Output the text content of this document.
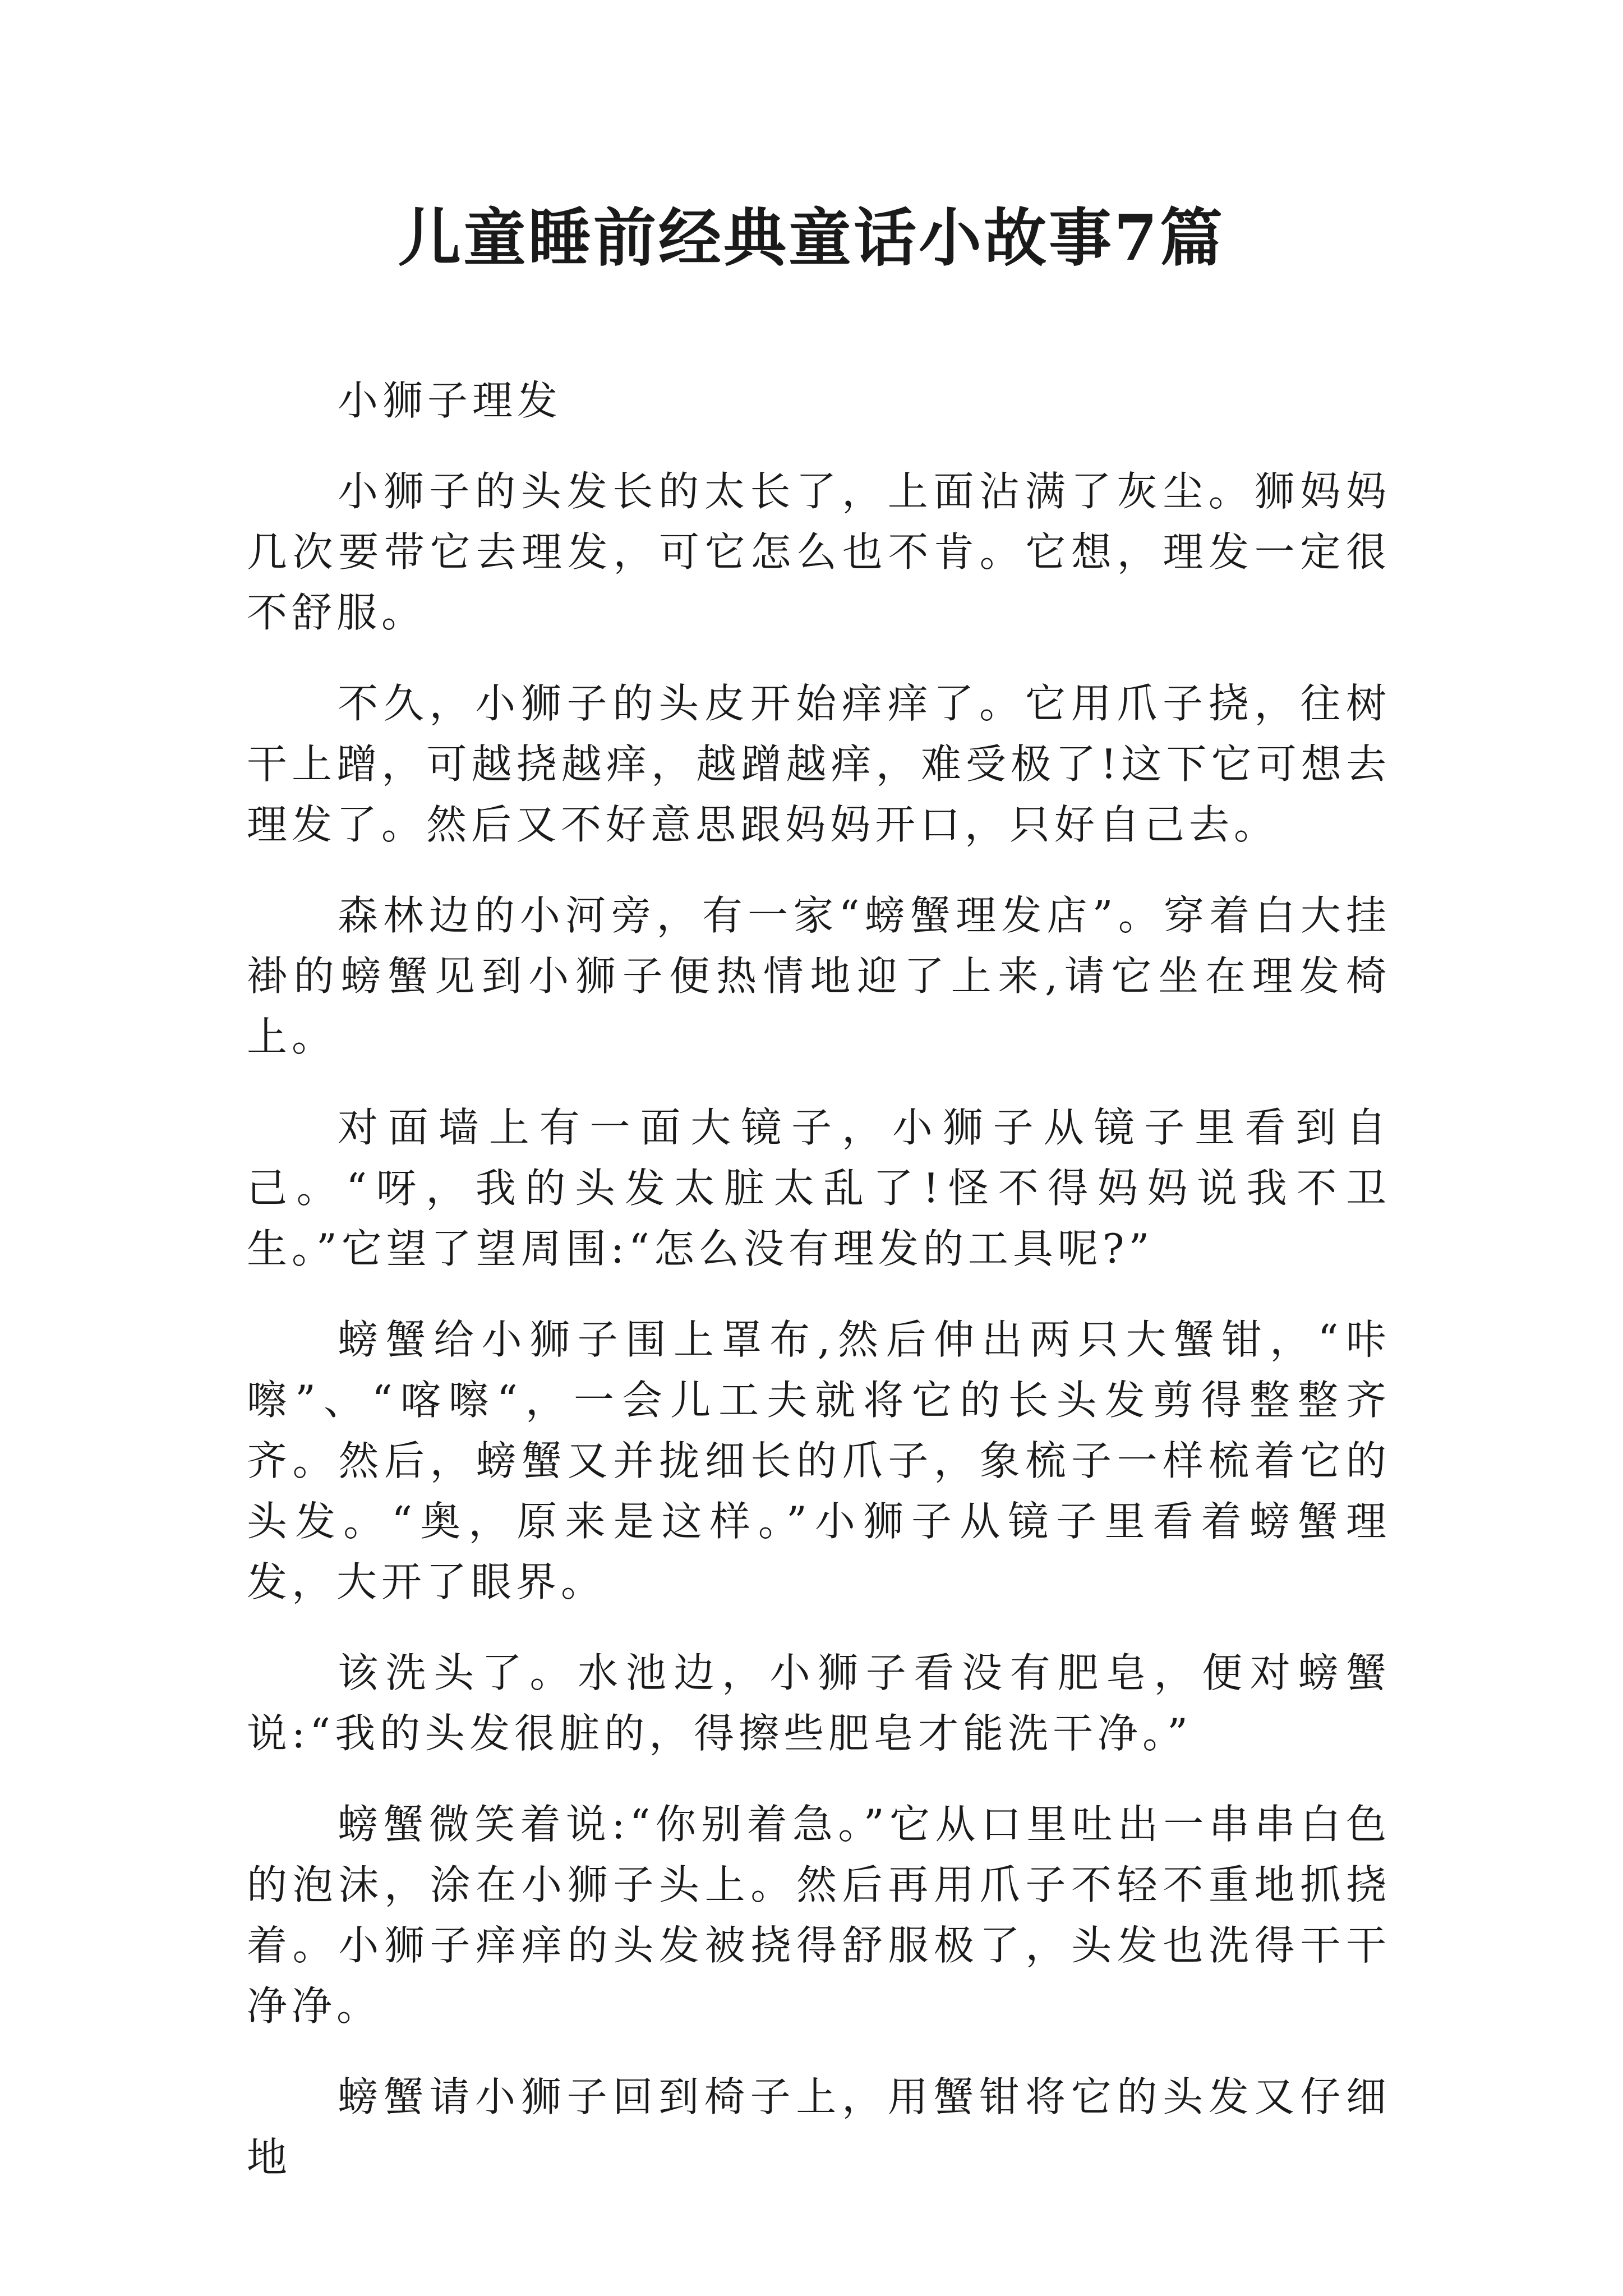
儿童睡前经典童话小故事7篇

小狮子理发

小狮子的头发长的太长了，上面沾满了灰尘。狮妈妈几次要带它去理发，可它怎么也不肯。它想，理发一定很不舒服。

不久，小狮子的头皮开始痒痒了。它用爪子挠，往树干上蹭，可越挠越痒，越蹭越痒，难受极了!这下它可想去理发了。然后又不好意思跟妈妈开口，只好自己去。

森林边的小河旁，有一家“螃蟹理发店”。穿着白大挂褂的螃蟹见到小狮子便热情地迎了上来,请它坐在理发椅上。

对面墙上有一面大镜子，小狮子从镜子里看到自己。“呀，我的头发太脏太乱了!怪不得妈妈说我不卫生。”它望了望周围:“怎么没有理发的工具呢?”

螃蟹给小狮子围上罩布,然后伸出两只大蟹钳，“咔嚓”、“喀嚓“，一会儿工夫就将它的长头发剪得整整齐齐。然后，螃蟹又并拢细长的爪子，象梳子一样梳着它的头发。“奥，原来是这样。”小狮子从镜子里看着螃蟹理发，大开了眼界。

该洗头了。水池边，小狮子看没有肥皂，便对螃蟹说:“我的头发很脏的，得擦些肥皂才能洗干净。”

螃蟹微笑着说:“你别着急。”它从口里吐出一串串白色的泡沫，涂在小狮子头上。然后再用爪子不轻不重地抓挠着。小狮子痒痒的头发被挠得舒服极了，头发也洗得干干净净。

螃蟹请小狮子回到椅子上，用蟹钳将它的头发又仔细地
